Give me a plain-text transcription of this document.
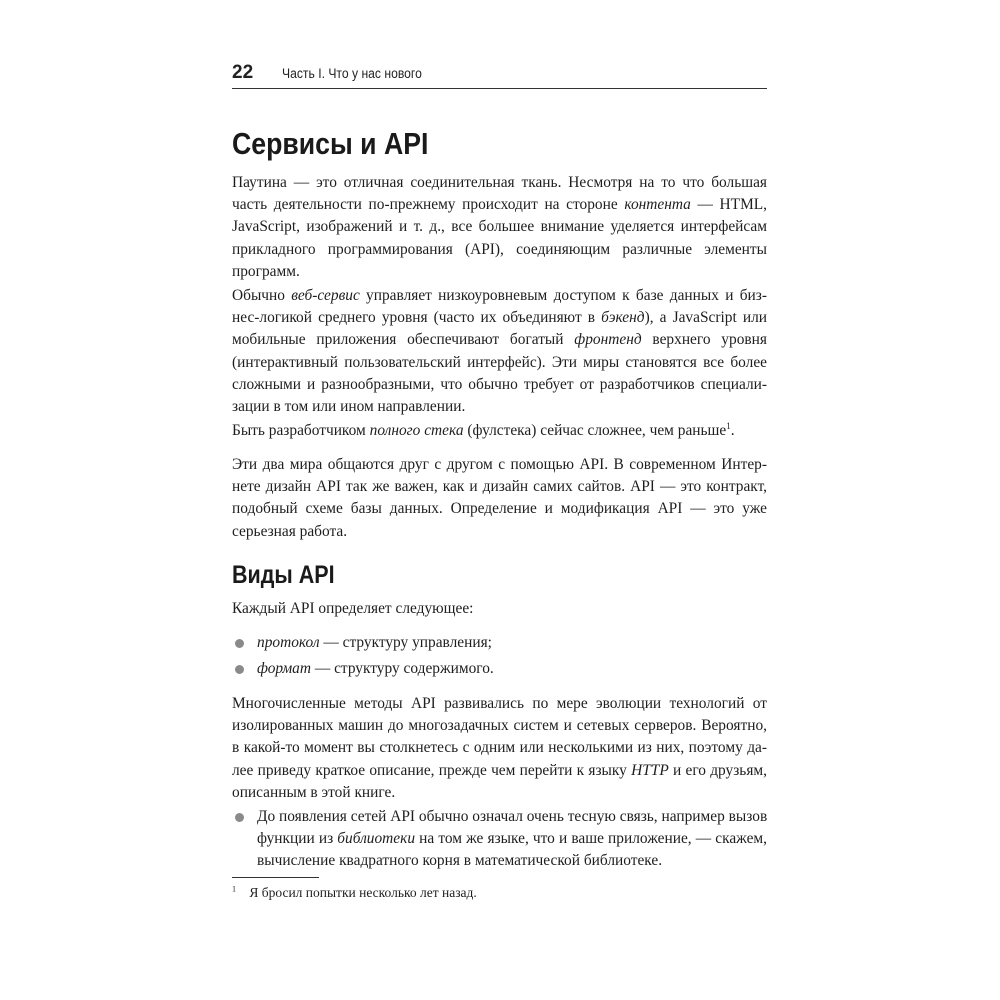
22 Часть I. Что у нас нового
Сервисы и API

Паутина — это отличная соединительная ткань. Несмотря на то что большая
часть деятельности по-прежнему происходит на стороне контента — HTML,
JavaScript, изображений и т. д., все большее внимание уделяется интерфейсам
прикладного программирования (API), соединяющим различные элементы
программ.

Обычно веб-сервис управляет низкоуровневым доступом к базе данных и биз-
нес-логикой среднего уровня (часто их объединяют в бэкенд), а JavaScript или
мобильные приложения обеспечивают богатый фронтенд верхнего уровня
(интерактивный пользовательский интерфейс). Эти миры становятся все более
сложными и разнообразными, что обычно требует от разработчиков специали-
зации в том или ином направлении.

Быть разработчиком полного стека (фулстека) сейчас сложнее, чем раньше$^1$.

Эти два мира общаются друг с другом с помощью API. В современном Интер-
нете дизайн API так же важен, как и дизайн самих сайтов. API — это контракт,
подобный схеме базы данных. Определение и модификация API — это уже
серьезная работа.

Виды API

Каждый API определяет следующее:

протокол — структуру управления;
формат — структуру содержимого.

Многочисленные методы API развивались по мере эволюции технологий от
изолированных машин до многозадачных систем и сетевых серверов. Вероятно,
в какой-то момент вы столкнетесь с одним или несколькими из них, поэтому да-
лее приведу краткое описание, прежде чем перейти к языку HTTP и его друзьям,
описанным в этой книге.

До появления сетей API обычно означал очень тесную связь, например вызов
функции из библиотеки на том же языке, что и ваше приложение, — скажем,
вычисление квадратного корня в математической библиотеке.
$^1$ Я бросил попытки несколько лет назад.
